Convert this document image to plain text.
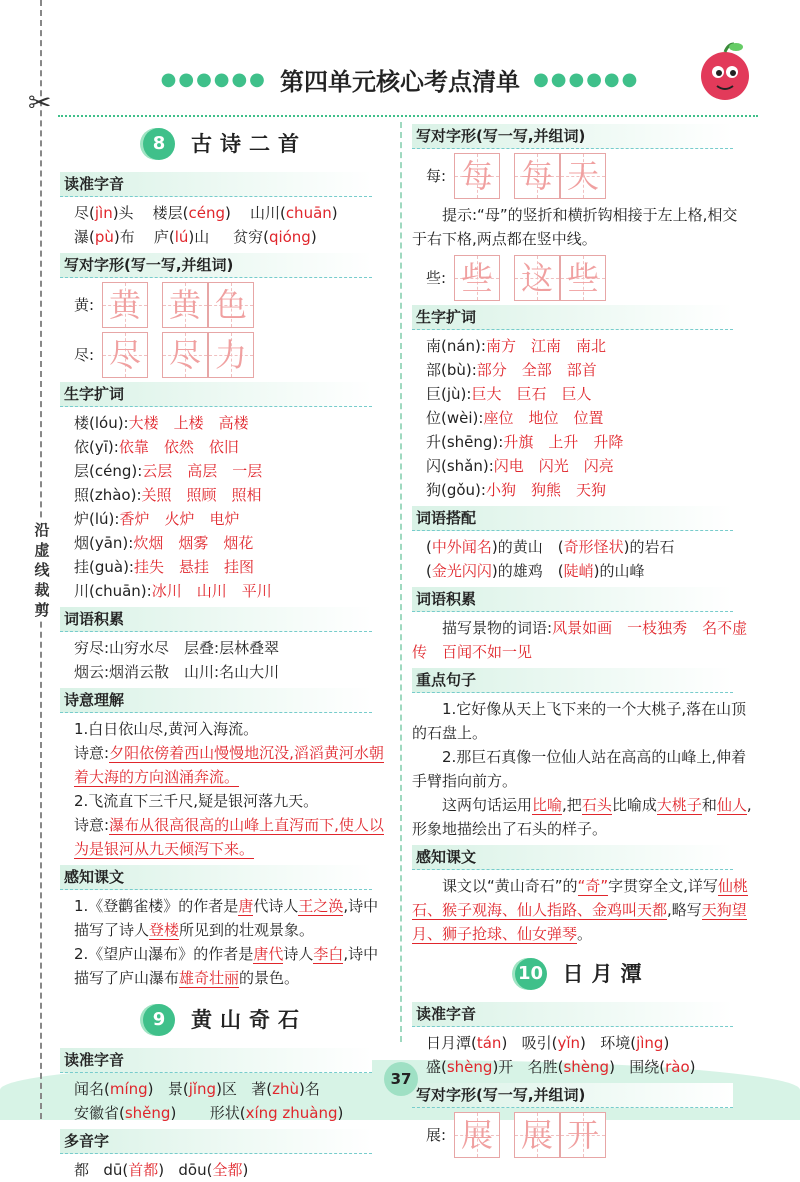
✂
沿虚线裁剪
●●●●●● 第四单元核心考点清单 ●●●●●●
8	古诗二首
读准字音
尽(jìn)头 楼层(céng) 山川(chuān)
瀑(pù)布 庐(lú)山 贫穷(qióng)
写对字形(写一写,并组词)
黄: 黄 黄 色
尽: 尽 尽 力
生字扩词
楼(lóu):大楼　上楼　高楼
依(yī):依靠　依然　依旧
层(céng):云层　高层　一层
照(zhào):关照　照顾　照相
炉(lú):香炉　火炉　电炉
烟(yān):炊烟　烟雾　烟花
挂(guà):挂失　悬挂　挂图
川(chuān):冰川　山川　平川
词语积累
穷尽:山穷水尽　层叠:层林叠翠
烟云:烟消云散　山川:名山大川
诗意理解
1.白日依山尽,黄河入海流。
诗意:夕阳依傍着西山慢慢地沉没,滔滔黄河水朝着大海的方向汹涌奔流。
2.飞流直下三千尺,疑是银河落九天。
诗意:瀑布从很高很高的山峰上直泻而下,使人以为是银河从九天倾泻下来。
感知课文
1.《登鹳雀楼》的作者是唐代诗人王之涣,诗中描写了诗人登楼所见到的壮观景象。
2.《望庐山瀑布》的作者是唐代诗人李白,诗中描写了庐山瀑布雄奇壮丽的景色。
9	黄山奇石
读准字音
闻名(míng) 景(jǐng)区 著(zhù)名
安徽省(shěng) 形状(xíng zhuàng)
多音字
都 dū(首都) dōu(全都)
写对字形(写一写,并组词)
每: 每 每 天
提示:“母”的竖折和横折钩相接于左上格,相交于右下格,两点都在竖中线。
些: 些 这 些
生字扩词
南(nán):南方　江南　南北
部(bù):部分　全部　部首
巨(jù):巨大　巨石　巨人
位(wèi):座位　地位　位置
升(shēng):升旗　上升　升降
闪(shǎn):闪电　闪光　闪亮
狗(gǒu):小狗　狗熊　天狗
词语搭配
(中外闻名)的黄山　(奇形怪状)的岩石
(金光闪闪)的雄鸡　(陡峭)的山峰
词语积累
描写景物的词语:风景如画　一枝独秀　名不虚传　百闻不如一见
重点句子
1.它好像从天上飞下来的一个大桃子,落在山顶的石盘上。
2.那巨石真像一位仙人站在高高的山峰上,伸着手臂指向前方。
这两句话运用比喻,把石头比喻成大桃子和仙人,形象地描绘出了石头的样子。
感知课文
课文以“黄山奇石”的“奇”字贯穿全文,详写仙桃石、猴子观海、仙人指路、金鸡叫天都,略写天狗望月、狮子抢球、仙女弹琴。
10 日月潭
读准字音
日月潭(tán) 吸引(yǐn) 环境(jìng)
盛(shèng)开 名胜(shèng) 围绕(rào)
写对字形(写一写,并组词)
展: 展 展 开
37
